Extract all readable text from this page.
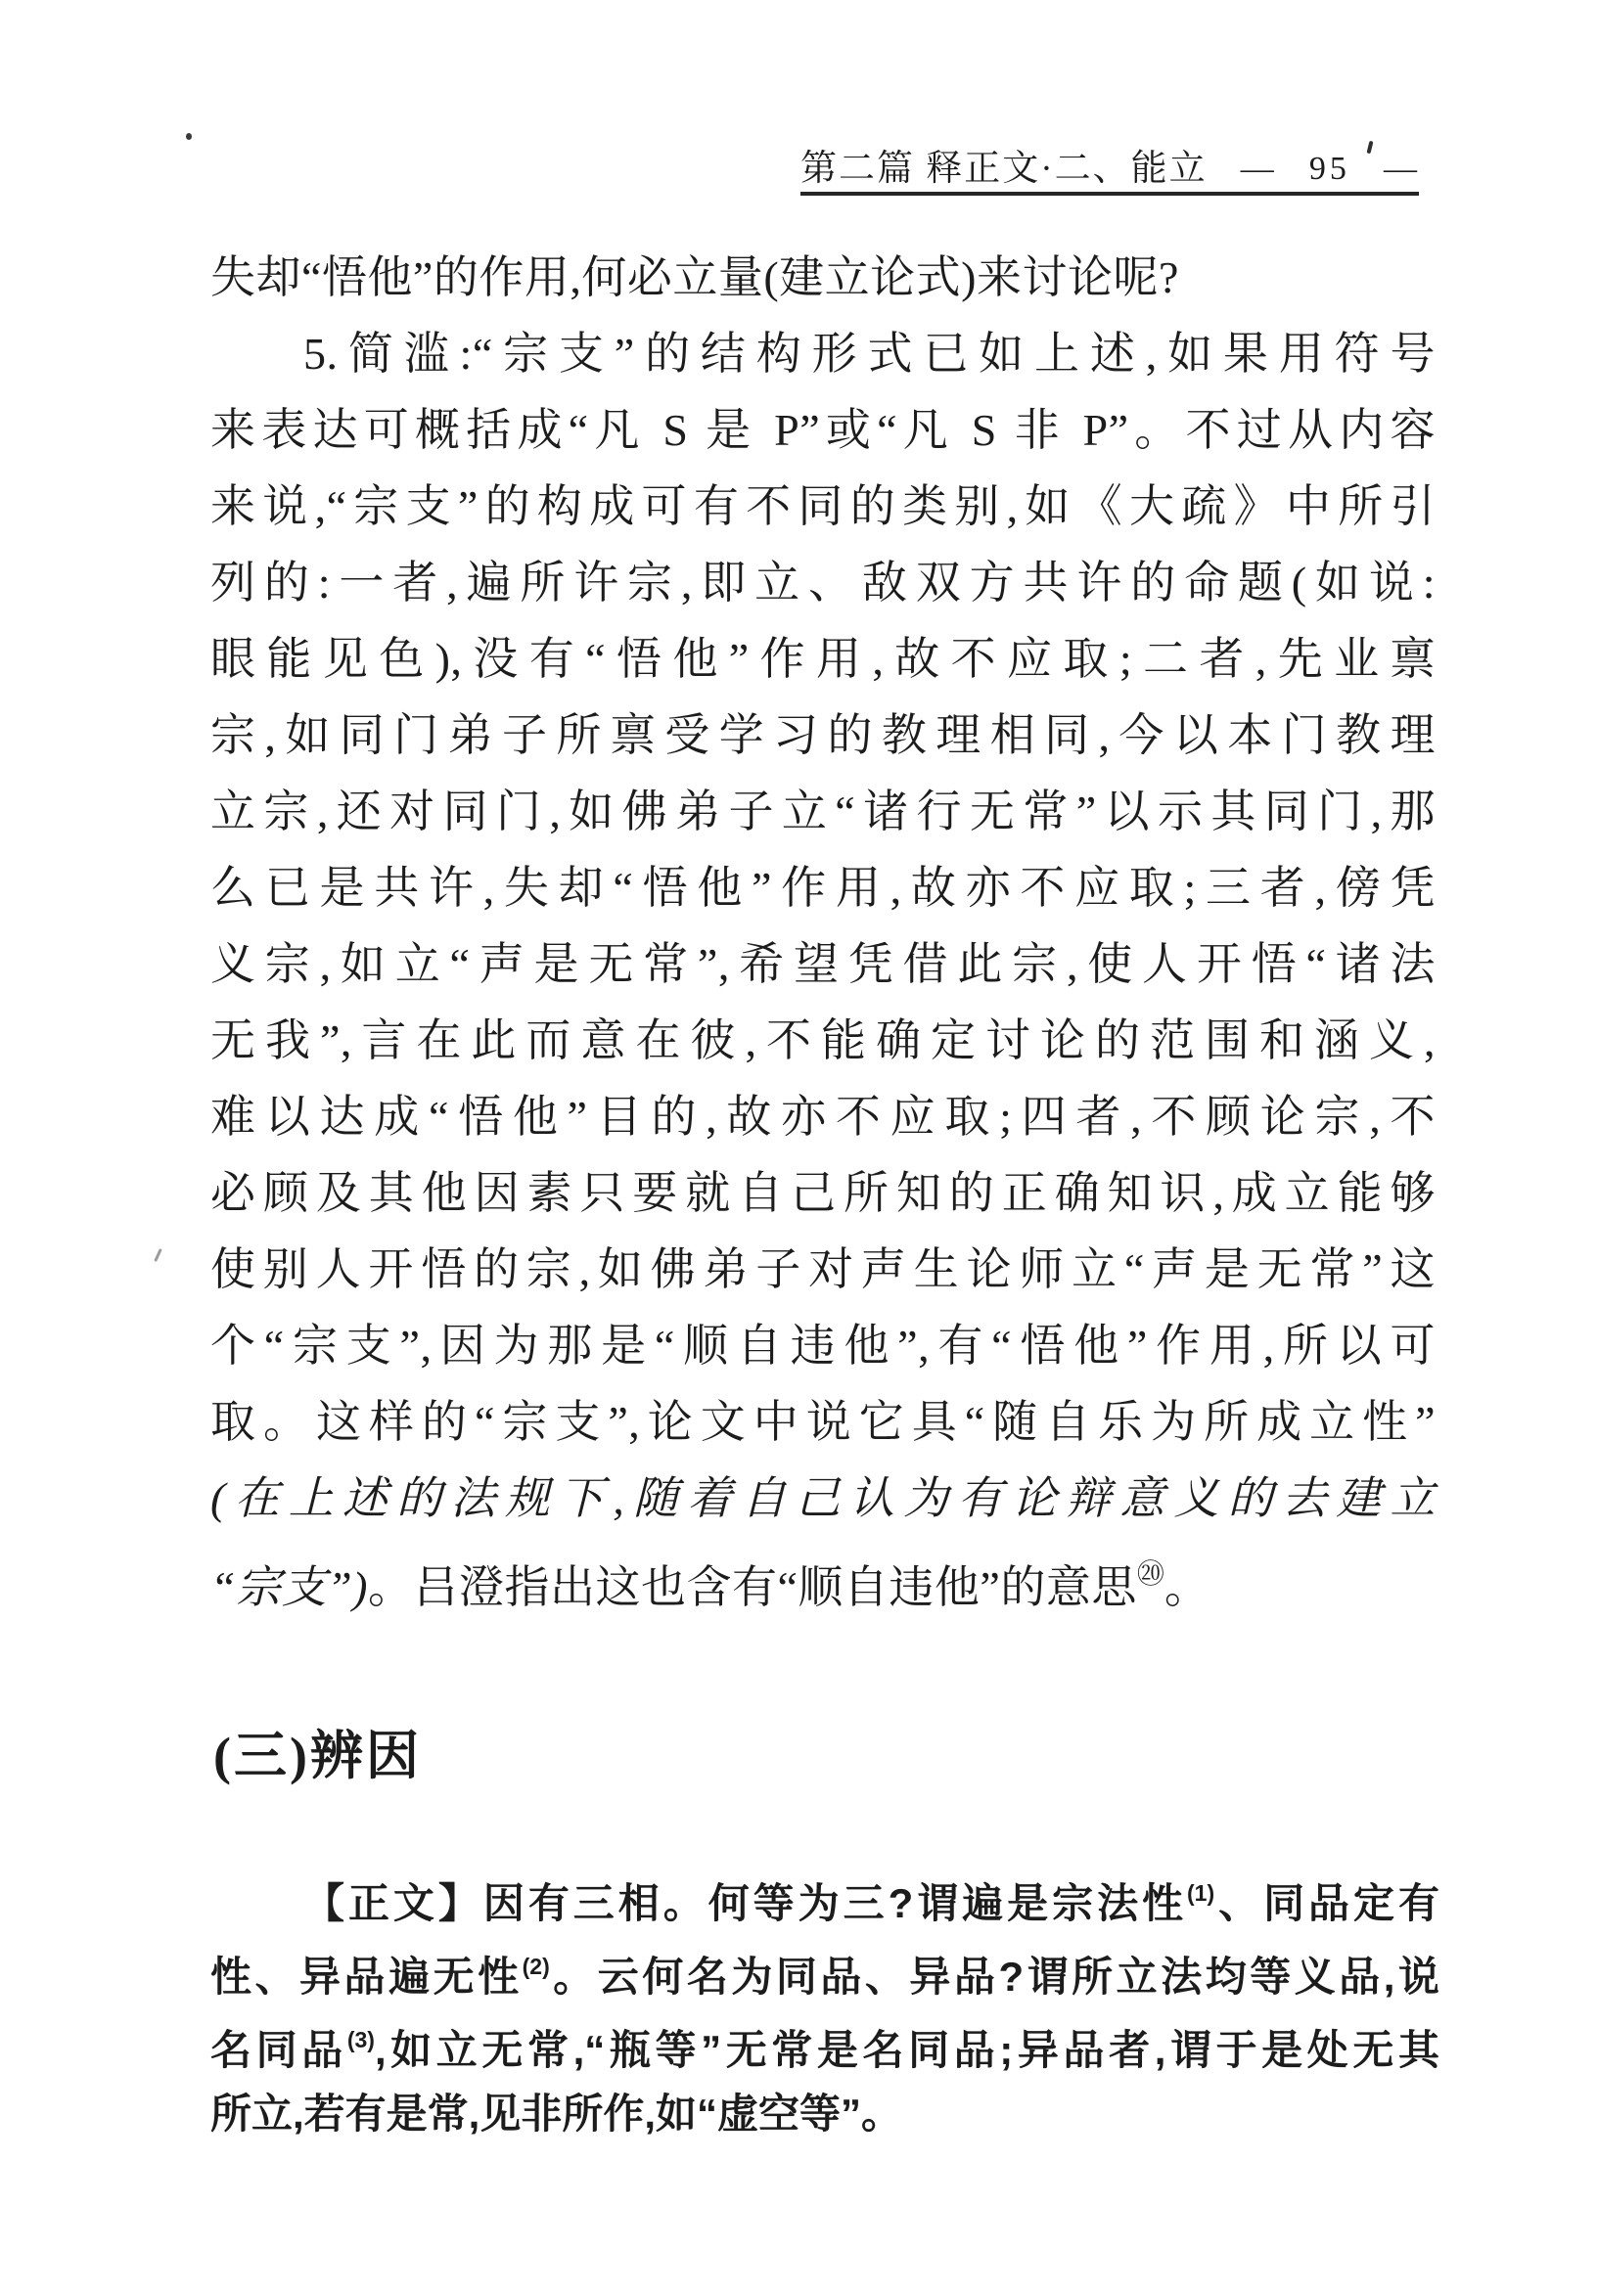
第二篇 释正文·二、能立 — 95 —
失却“悟他”的作用,何必立量(建立论式)来讨论呢?
5.简滥:“宗支”的结构形式已如上述,如果用符号
来表达可概括成“凡 S 是 P”或“凡 S 非 P”。不过从内容
来说,“宗支”的构成可有不同的类别,如《大疏》中所引
列的:一者,遍所许宗,即立、敌双方共许的命题(如说:
眼能见色),没有“悟他”作用,故不应取;二者,先业禀
宗,如同门弟子所禀受学习的教理相同,今以本门教理
立宗,还对同门,如佛弟子立“诸行无常”以示其同门,那
么已是共许,失却“悟他”作用,故亦不应取;三者,傍凭
义宗,如立“声是无常”,希望凭借此宗,使人开悟“诸法
无我”,言在此而意在彼,不能确定讨论的范围和涵义,
难以达成“悟他”目的,故亦不应取;四者,不顾论宗,不
必顾及其他因素只要就自己所知的正确知识,成立能够
使别人开悟的宗,如佛弟子对声生论师立“声是无常”这
个“宗支”,因为那是“顺自违他”,有“悟他”作用,所以可
取。这样的“宗支”,论文中说它具“随自乐为所成立性”
(在上述的法规下,随着自己认为有论辩意义的去建立
“宗支”)。吕澄指出这也含有“顺自违他”的意思⑳。
(三)辨因
【正文】因有三相。何等为三?谓遍是宗法性$^{(1)}$、同品定有
性、异品遍无性$^{(2)}$。云何名为同品、异品?谓所立法均等义品,说
名同品$^{(3)}$,如立无常,“瓶等”无常是名同品;异品者,谓于是处无其
所立,若有是常,见非所作,如“虚空等”。
